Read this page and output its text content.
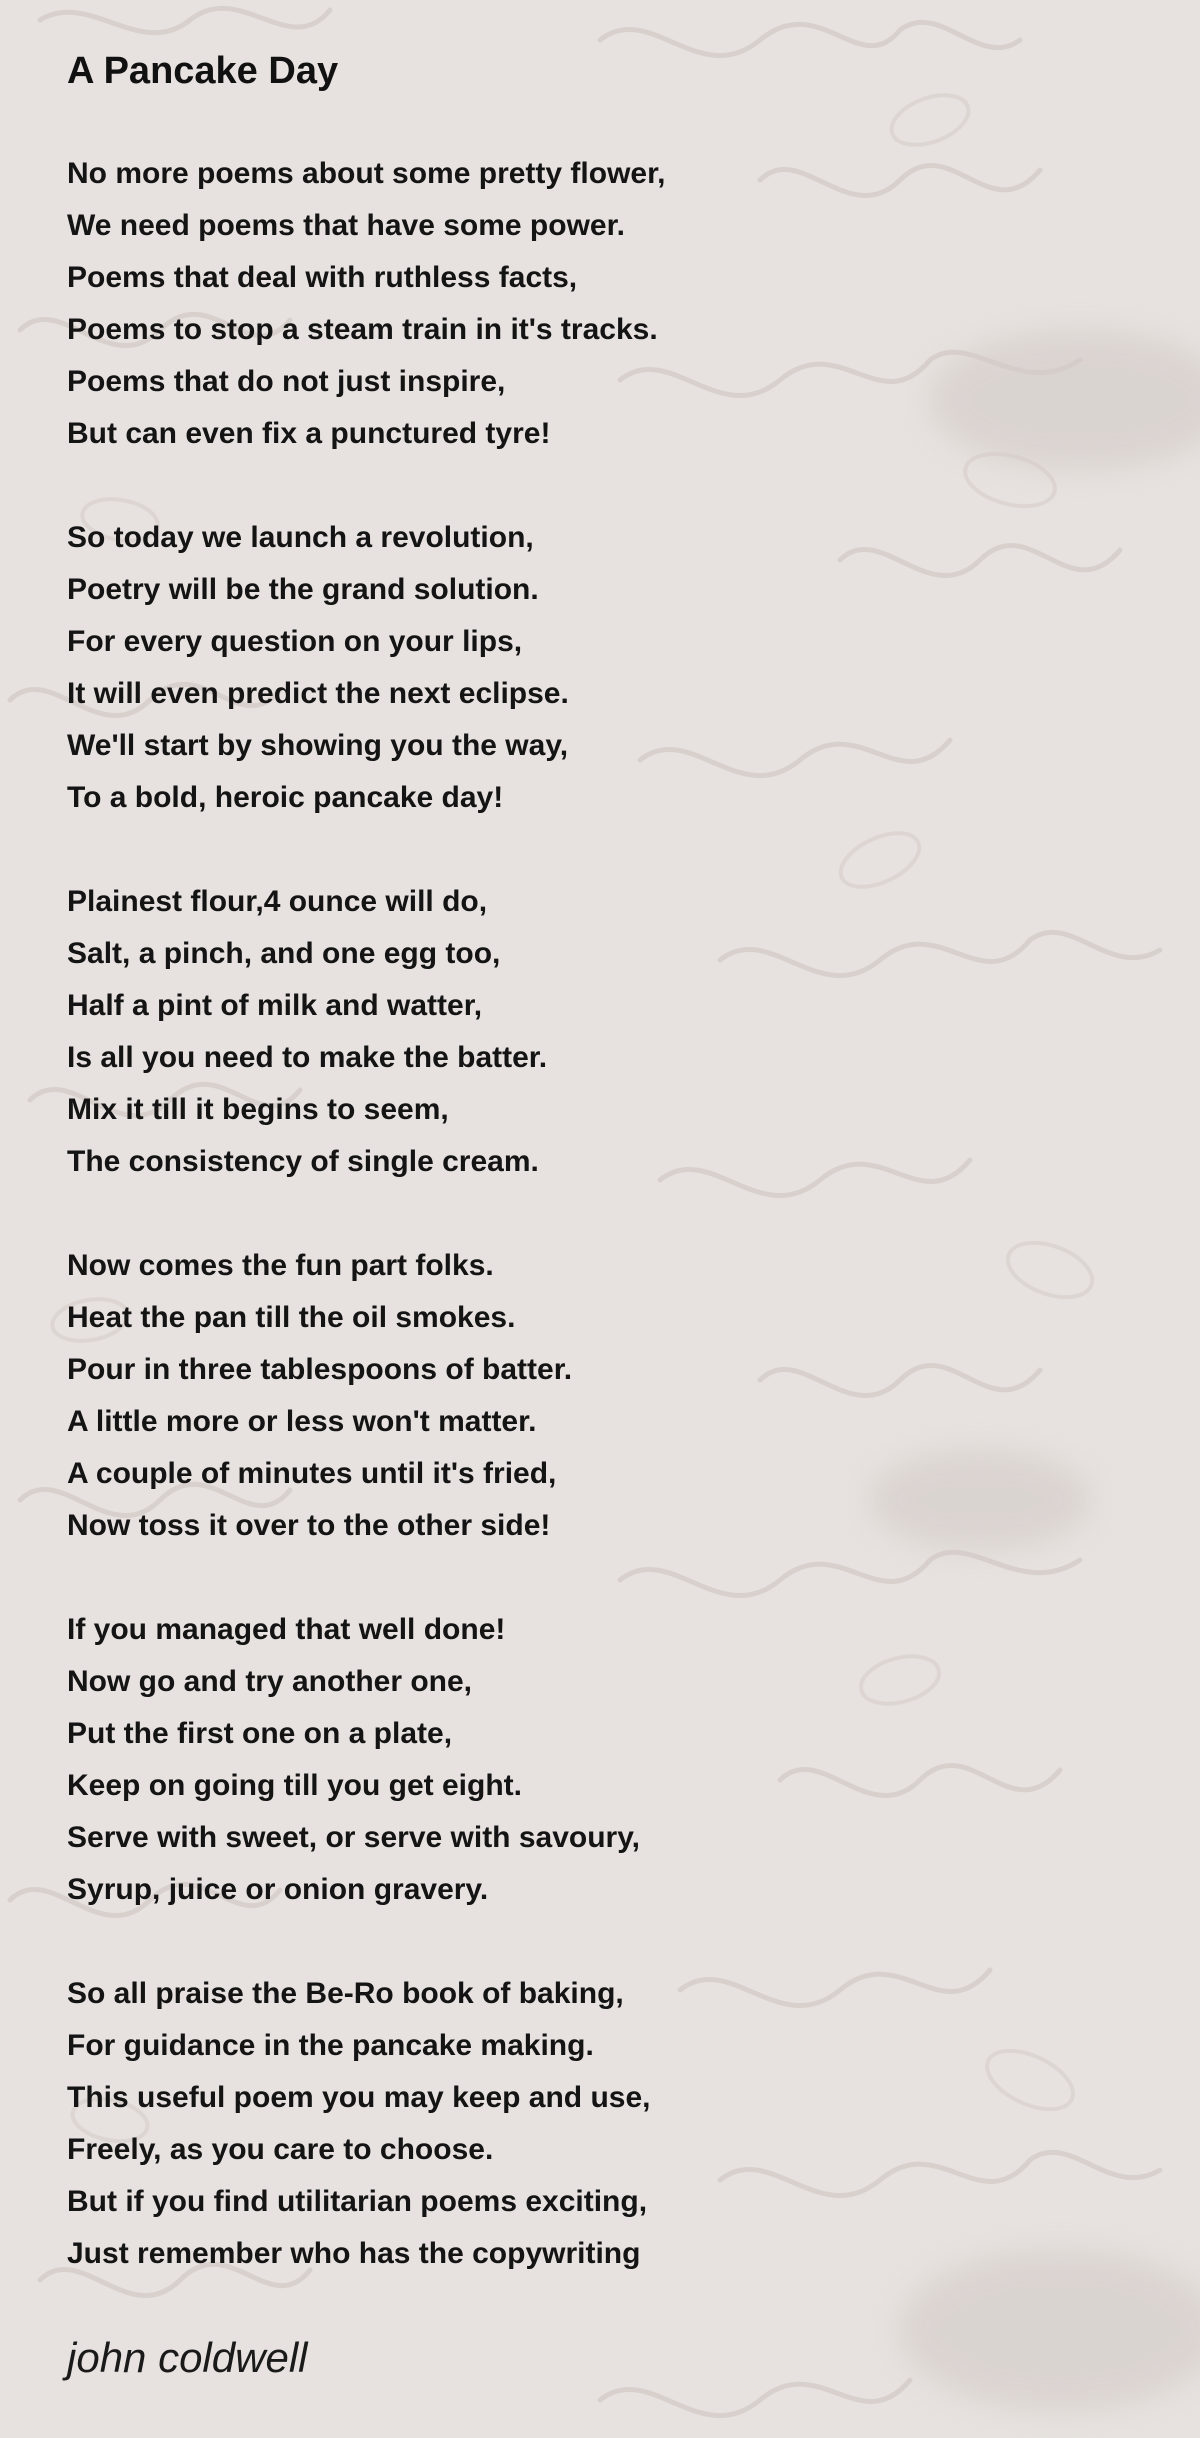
A Pancake Day
No more poems about some pretty flower,
We need poems that have some power.
Poems that deal with ruthless facts,
Poems to stop a steam train in it's tracks.
Poems that do not just inspire,
But can even fix a punctured tyre!
So today we launch a revolution,
Poetry will be the grand solution.
For every question on your lips,
It will even predict the next eclipse.
We'll start by showing you the way,
To a bold, heroic pancake day!
Plainest flour,4 ounce will do,
Salt, a pinch, and one egg too,
Half a pint of milk and watter,
Is all you need to make the batter.
Mix it till it begins to seem,
The consistency of single cream.
Now comes the fun part folks.
Heat the pan till the oil smokes.
Pour in three tablespoons of batter.
A little more or less won't matter.
A couple of minutes until it's fried,
Now toss it over to the other side!
If you managed that well done!
Now go and try another one,
Put the first one on a plate,
Keep on going till you get eight.
Serve with sweet, or serve with savoury,
Syrup, juice or onion gravery.
So all praise the Be-Ro book of baking,
For guidance in the pancake making.
This useful poem you may keep and use,
Freely, as you care to choose.
But if you find utilitarian poems exciting,
Just remember who has the copywriting
john coldwell
